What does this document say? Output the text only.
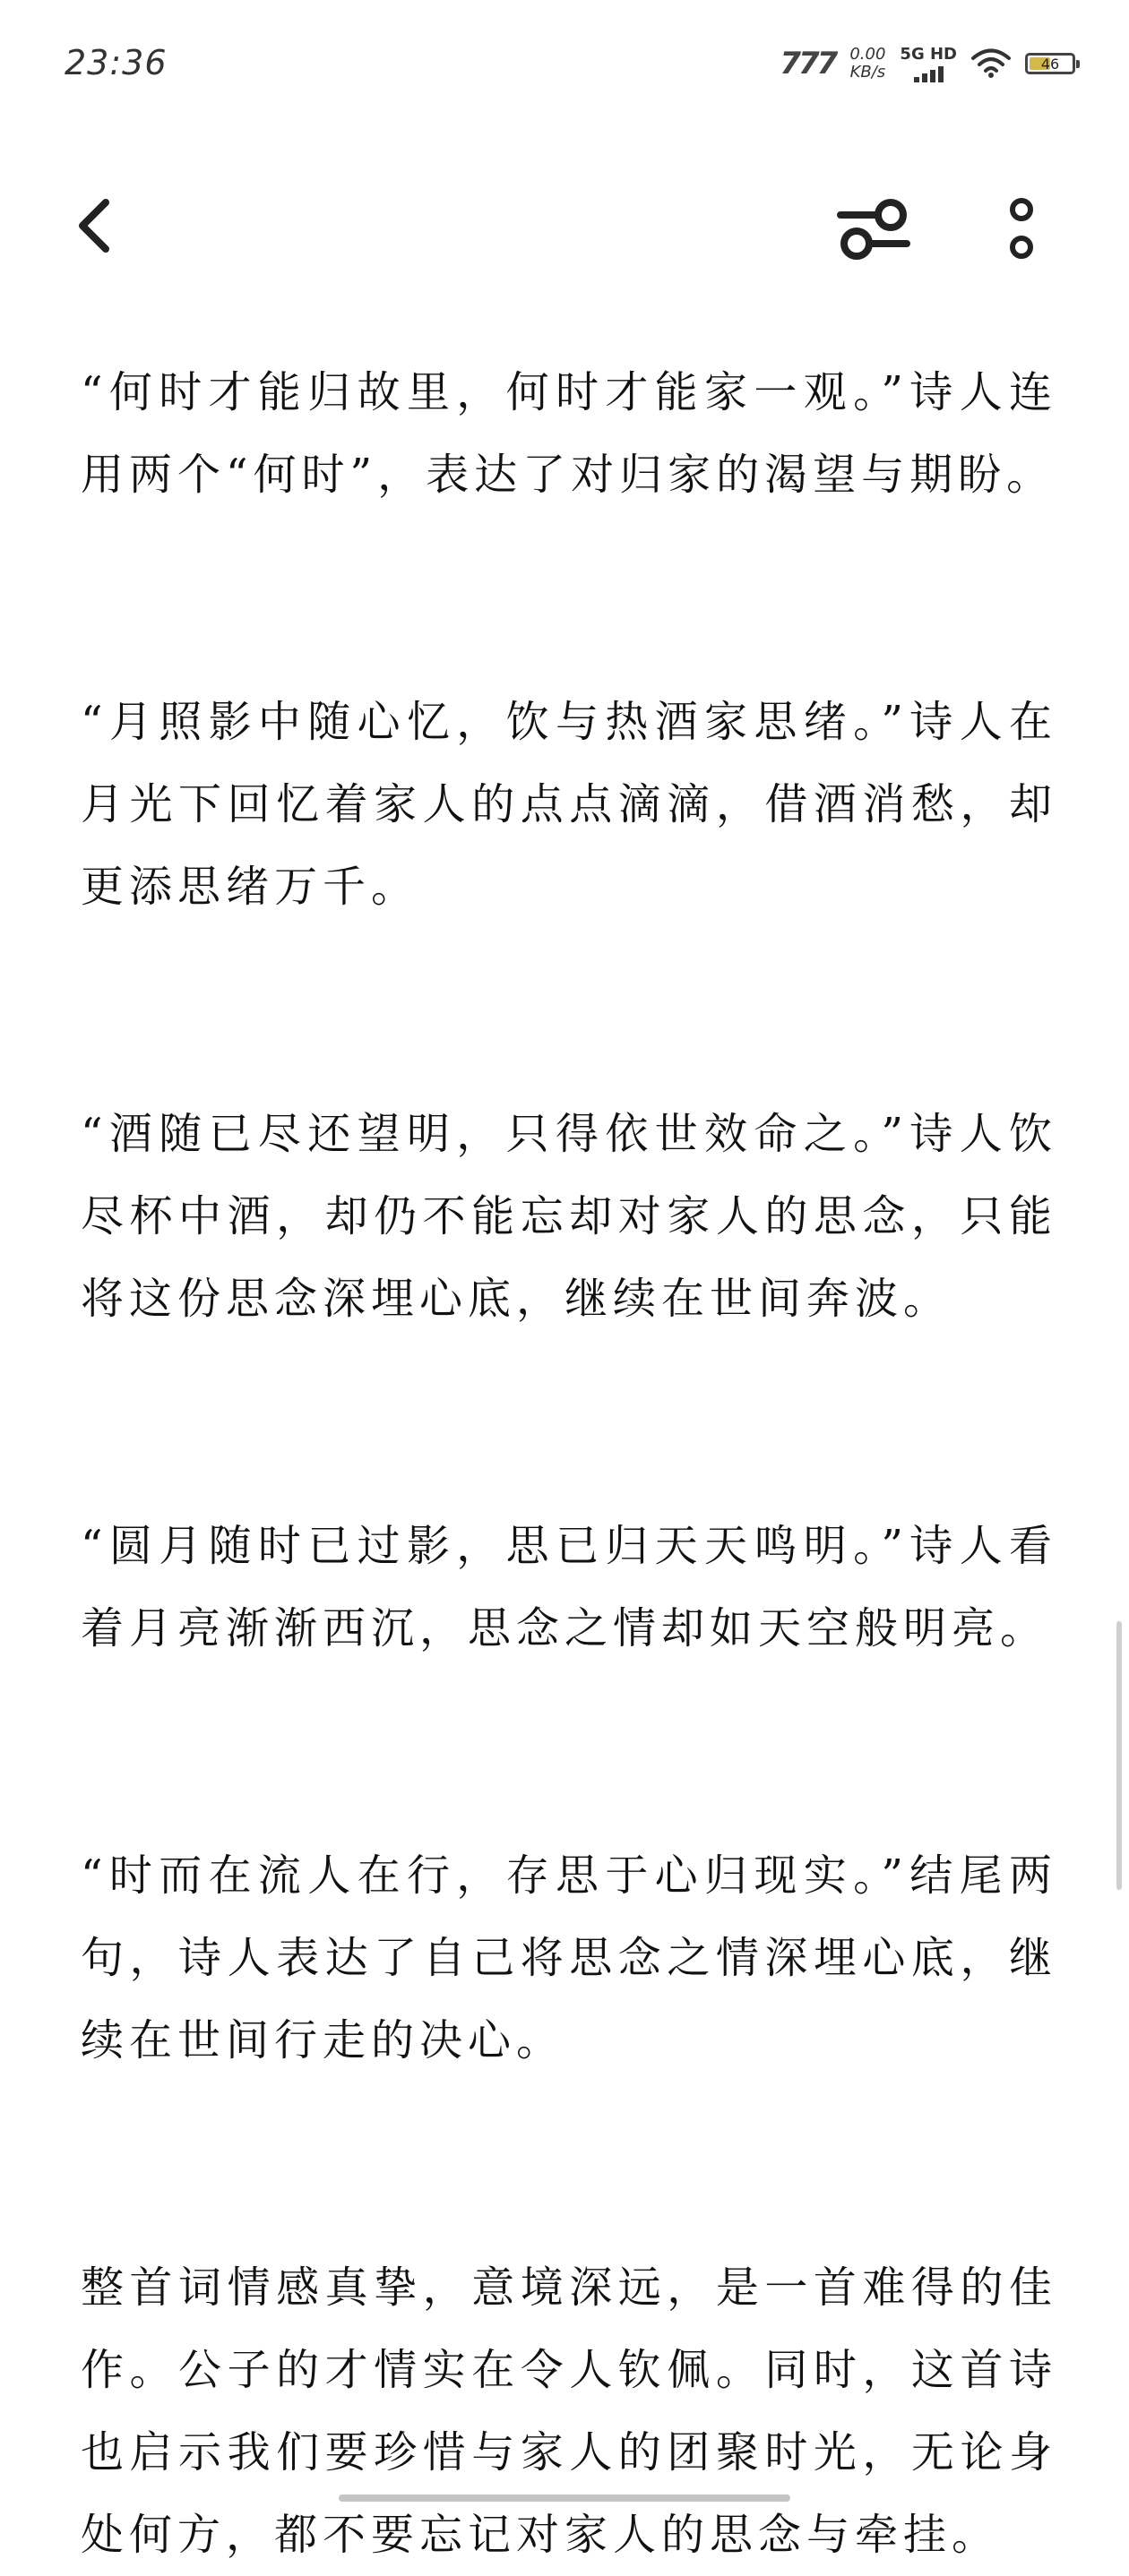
23:36	777 0.00
KB/s
5G HD	46

“何时才能归故里，何时才能家一观。”诗人连用两个“何时”，表达了对归家的渴望与期盼。

“月照影中随心忆，饮与热酒家思绪。”诗人在月光下回忆着家人的点点滴滴，借酒消愁，却更添思绪万千。

“酒随已尽还望明，只得依世效命之。”诗人饮尽杯中酒，却仍不能忘却对家人的思念，只能将这份思念深埋心底，继续在世间奔波。

“圆月随时已过影，思已归天天鸣明。”诗人看着月亮渐渐西沉，思念之情却如天空般明亮。

“时而在流人在行，存思于心归现实。”结尾两句，诗人表达了自己将思念之情深埋心底，继续在世间行走的决心。

整首词情感真挚，意境深远，是一首难得的佳作。公子的才情实在令人钦佩。同时，这首诗也启示我们要珍惜与家人的团聚时光，无论身处何方，都不要忘记对家人的思念与牵挂。
